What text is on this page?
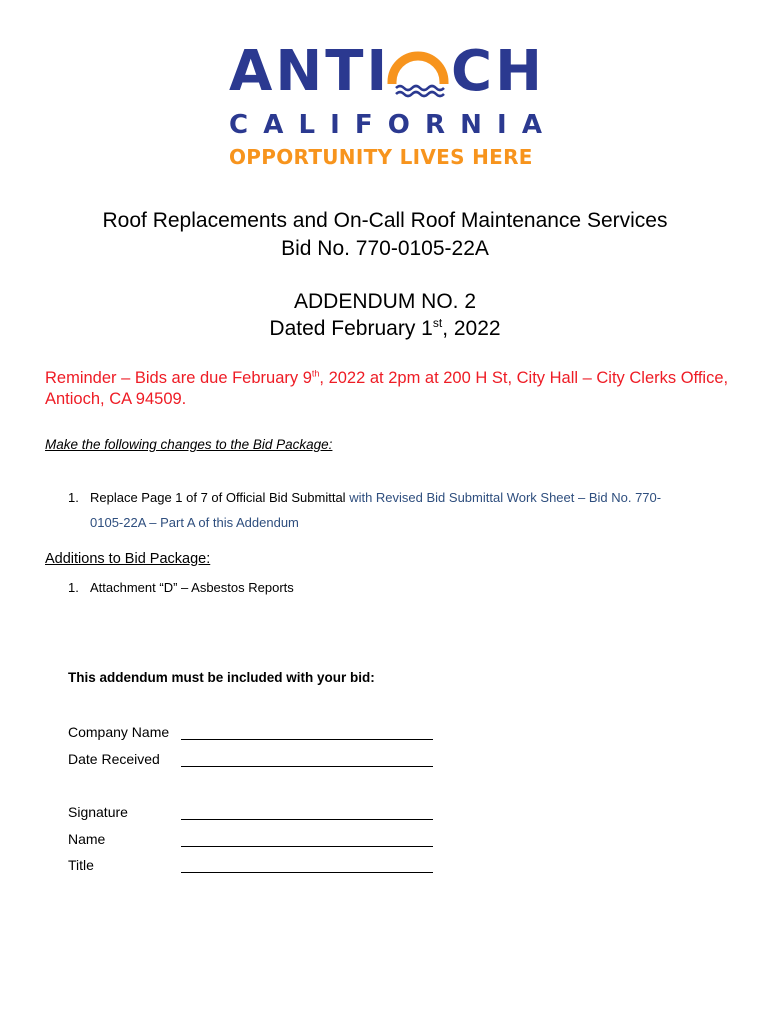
ANTI CH
C A L I F O R N I A
OPPORTUNITY LIVES HERE
Roof Replacements and On-Call Roof Maintenance Services
Bid No. 770-0105-22A
ADDENDUM NO. 2
Dated February 1st, 2022
Reminder – Bids are due February 9th, 2022 at 2pm at 200 H St, City Hall – City Clerks Office, Antioch, CA 94509.
Make the following changes to the Bid Package:
1. Replace Page 1 of 7 of Official Bid Submittal with Revised Bid Submittal Work Sheet – Bid No. 770-
0105-22A – Part A of this Addendum
Additions to Bid Package:
1. Attachment “D” – Asbestos Reports
This addendum must be included with your bid:
Company Name
Date Received
Signature
Name
Title
